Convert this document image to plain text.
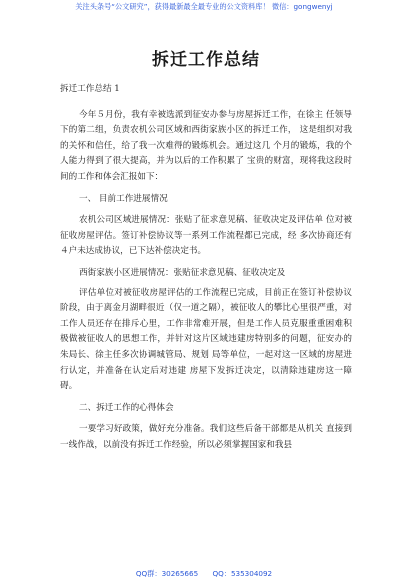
关注头条号“公文研究”，获得最新最全最专业的公文资料库！ 微信：gongwenyj
拆迁工作总结

拆迁工作总结 1

今年５月份，我有幸被选派到征安办参与房屋拆迁工作，在徐主 任领导下的第二组，负责农机公司区域和西街家族小区的拆迁工作， 这是组织对我的关怀和信任，给了我一次难得的锻炼机会。通过这几 个月的锻炼，我的个人能力得到了很大提高，并为以后的工作积累了 宝贵的财富，现将我这段时间的工作和体会汇报如下：

一、 目前工作进展情况

农机公司区域进展情况：张贴了征求意见稿、征收决定及评估单 位对被征收房屋评估。签订补偿协议等一系列工作流程都已完成，经 多次协商还有４户未达成协议，已下达补偿决定书。

西街家族小区进展情况：张贴征求意见稿、征收决定及

评估单位对被征收房屋评估的工作流程已完成，目前正在签订补偿协议阶段，由于离金月湖畔很近（仅一道之隔），被征收人的攀比心里很严重，对工作人员还存在排斥心里，工作非常难开展，但是工作人员克服重重困难积极做被征收人的思想工作，并针对这片区域违建房特别多的问题，征安办的朱局长、徐主任多次协调城管局、规划 局等单位，一起对这一区域的房屋进行认定，并准备在认定后对违建 房屋下发拆迁决定，以清除违建房这一障碍。

二、拆迁工作的心得体会

一要学习好政策，做好充分准备。我们这些后备干部都是从机关 直接到一线作战，以前没有拆迁工作经验，所以必须掌握国家和我县

QQ群：30265665 QQ：535304092
